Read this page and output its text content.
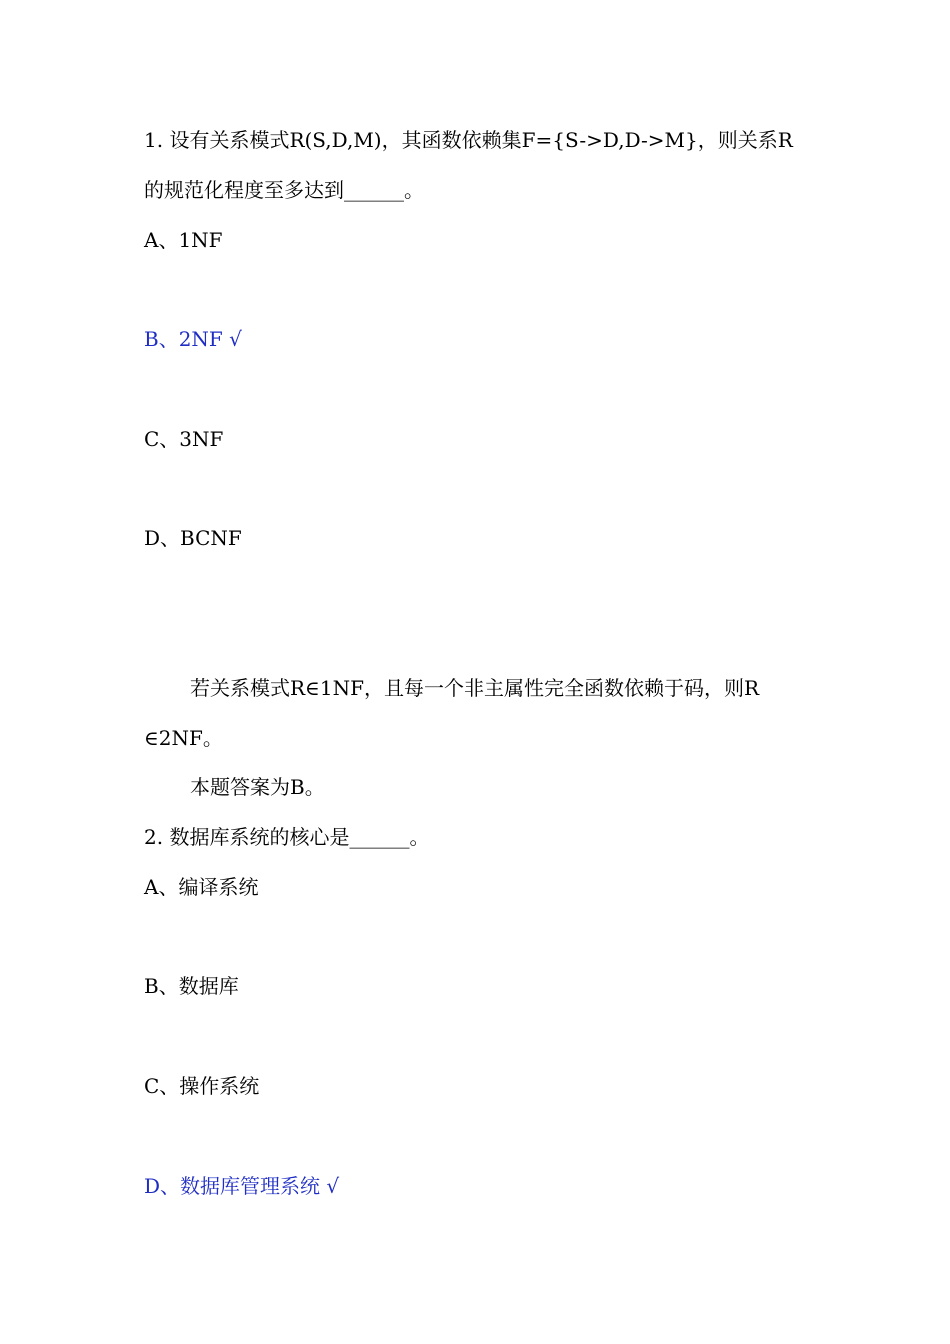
1. 设有关系模式R(S,D,M)，其函数依赖集F={S->D,D->M}，则关系R
的规范化程度至多达到______。
A、1NF
B、2NF √
C、3NF
D、BCNF
若关系模式R∈1NF，且每一个非主属性完全函数依赖于码，则R
∈2NF。
本题答案为B。
2. 数据库系统的核心是______。
A、编译系统
B、数据库
C、操作系统
D、数据库管理系统 √
